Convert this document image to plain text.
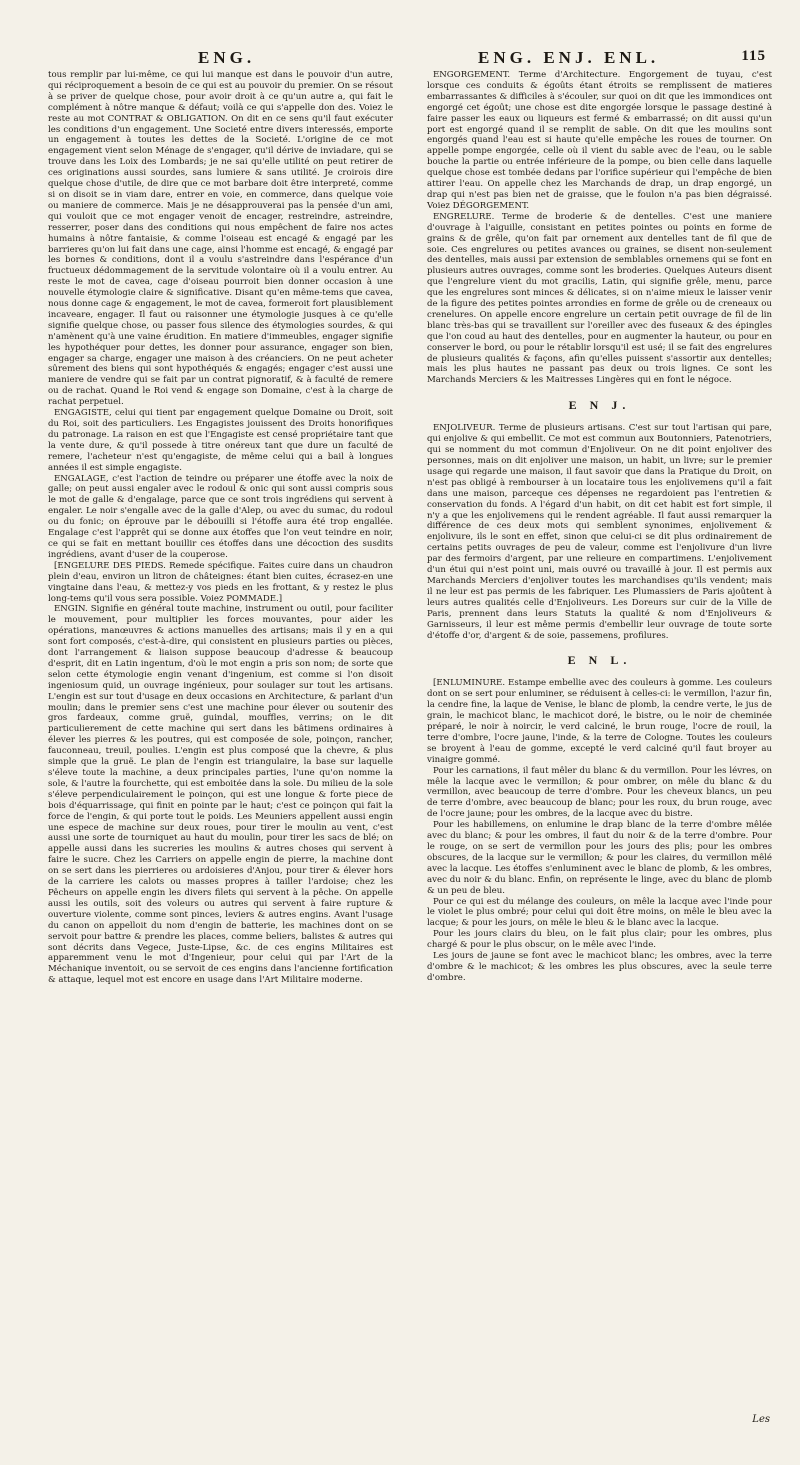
ENG.	ENG. ENJ. ENL.	115

tous remplir par lui-même, ce qui lui manque est dans le pouvoir d'un autre, qui réciproquement a besoin de ce qui est au pouvoir du premier. On se résout à se priver de quelque chose, pour avoir droit à ce qu'un autre a, qui fait le complément à nôtre manque & défaut; voilà ce qui s'appelle don des. Voiez le reste au mot CONTRAT & OBLIGATION. On dit en ce sens qu'il faut exécuter les conditions d'un engagement. Une Societé entre divers interessés, emporte un engagement à toutes les dettes de la Societé. L'origine de ce mot engagement vient selon Ménage de s'engager, qu'il dérive de inviadare, qui se trouve dans les Loix des Lombards; je ne sai qu'elle utilité on peut retirer de ces originations aussi sourdes, sans lumiere & sans utilité. Je croirois dire quelque chose d'utile, de dire que ce mot barbare doit être interpreté, comme si on disoit se in viam dare, entrer en voie, en commerce, dans quelque voie ou maniere de commerce. Mais je ne désapprouverai pas la pensée d'un ami, qui vouloit que ce mot engager venoit de encager, restreindre, astreindre, resserrer, poser dans des conditions qui nous empêchent de faire nos actes humains à nôtre fantaisie, & comme l'oiseau est encagé & engagé par les barrieres qu'on lui fait dans une cage, ainsi l'homme est encagé, & engagé par les bornes & conditions, dont il a voulu s'astreindre dans l'espérance d'un fructueux dédommagement de la servitude volontaire où il a voulu entrer. Au reste le mot de cavea, cage d'oiseau pourroit bien donner occasion à une nouvelle étymologie claire & significative. Disant qu'en même-tems que cavea, nous donne cage & engagement, le mot de cavea, formeroit fort plausiblement incaveare, engager. Il faut ou raisonner une étymologie jusques à ce qu'elle signifie quelque chose, ou passer fous silence des étymologies sourdes, & qui n'amènent qu'à une vaine érudition. En matiere d'immeubles, engager signifie les hypothéquer pour dettes, les donner pour assurance, engager son bien, engager sa charge, engager une maison à des créanciers. On ne peut acheter sûrement des biens qui sont hypothéqués & engagés; engager c'est aussi une maniere de vendre qui se fait par un contrat pignoratif, & à faculté de remere ou de rachat. Quand le Roi vend & engage son Domaine, c'est à la charge de rachat perpetuel.

ENGAGISTE, celui qui tient par engagement quelque Domaine ou Droit, soit du Roi, soit des particuliers. Les Engagistes jouissent des Droits honorifiques du patronage. La raison en est que l'Engagiste est censé propriétaire tant que la vente dure, & qu'il possede à titre onéreux tant que dure un faculté de remere, l'acheteur n'est qu'engagiste, de même celui qui a bail à longues années il est simple engagiste.

ENGALAGE, c'est l'action de teindre ou préparer une étoffe avec la noix de galle; on peut aussi engaler avec le rodoul & onic qui sont aussi compris sous le mot de galle & d'engalage, parce que ce sont trois ingrédiens qui servent à engaler. Le noir s'engalle avec de la galle d'Alep, ou avec du sumac, du rodoul ou du fonic; on éprouve par le débouilli si l'étoffe aura été trop engallée. Engalage c'est l'apprêt qui se donne aux étoffes que l'on veut teindre en noir, ce qui se fait en mettant bouillir ces étoffes dans une décoction des susdits ingrédiens, avant d'user de la couperose.

[ENGELURE DES PIEDS. Remede spécifique. Faites cuire dans un chaudron plein d'eau, environ un litron de châteignes: étant bien cuites, écrasez-en une vingtaine dans l'eau, & mettez-y vos pieds en les frottant, & y restez le plus long-tems qu'il vous sera possible. Voiez POMMADE.]

ENGIN. Signifie en général toute machine, instrument ou outil, pour faciliter le mouvement, pour multiplier les forces mouvantes, pour aider les opérations, manœuvres & actions manuelles des artisans; mais il y en a qui sont fort composés, c'est-à-dire, qui consistent en plusieurs parties ou pièces, dont l'arrangement & liaison suppose beaucoup d'adresse & beaucoup d'esprit, dit en Latin ingentum, d'où le mot engin a pris son nom; de sorte que selon cette étymologie engin venant d'ingenium, est comme si l'on disoit ingeniosum quid, un ouvrage ingénieux, pour soulager sur tout les artisans. L'engin est sur tout d'usage en deux occasions en Architecture, & parlant d'un moulin; dans le premier sens c'est une machine pour élever ou soutenir des gros fardeaux, comme gruë, guindal, mouffles, verrins; on le dit particulierement de cette machine qui sert dans les bâtimens ordinaires à élever les pierres & les poutres, qui est composée de sole, poinçon, rancher, fauconneau, treuil, poulies. L'engin est plus composé que la chevre, & plus simple que la gruë. Le plan de l'engin est triangulaire, la base sur laquelle s'éleve toute la machine, a deux principales parties, l'une qu'on nomme la sole, & l'autre la fourchette, qui est emboitée dans la sole. Du milieu de la sole s'éleve perpendiculairement le poinçon, qui est une longue & forte piece de bois d'équarrissage, qui finit en pointe par le haut; c'est ce poinçon qui fait la force de l'engin, & qui porte tout le poids. Les Meuniers appellent aussi engin une espece de machine sur deux roues, pour tirer le moulin au vent, c'est aussi une sorte de tourniquet au haut du moulin, pour tirer les sacs de blé; on appelle aussi dans les sucreries les moulins & autres choses qui servent à faire le sucre. Chez les Carriers on appelle engin de pierre, la machine dont on se sert dans les pierrieres ou ardoisieres d'Anjou, pour tirer & élever hors de la carriere les calots ou masses propres à tailler l'ardoise; chez les Pêcheurs on appelle engin les divers filets qui servent à la pêche. On appelle aussi les outils, soit des voleurs ou autres qui servent à faire rupture & ouverture violente, comme sont pinces, leviers & autres engins. Avant l'usage du canon on appelloit du nom d'engin de batterie, les machines dont on se servoit pour battre & prendre les places, comme beliers, balistes & autres qui sont décrits dans Vegece, Juste-Lipse, &c. de ces engins Militaires est apparemment venu le mot d'Ingenieur, pour celui qui par l'Art de la Méchanique inventoit, ou se servoit de ces engins dans l'ancienne fortification & attaque, lequel mot est encore en usage dans l'Art Militaire moderne.

ENGORGEMENT. Terme d'Architecture. Engorgement de tuyau, c'est lorsque ces conduits & égoûts étant étroits se remplissent de matieres embarrassantes & difficiles à s'écouler, sur quoi on dit que les immondices ont engorgé cet égoût; une chose est dite engorgée lorsque le passage destiné à faire passer les eaux ou liqueurs est fermé & embarrassé; on dit aussi qu'un port est engorgé quand il se remplit de sable. On dit que les moulins sont engorgés quand l'eau est si haute qu'elle empêche les roues de tourner. On appelle pompe engorgée, celle où il vient du sable avec de l'eau, ou le sable bouche la partie ou entrée inférieure de la pompe, ou bien celle dans laquelle quelque chose est tombée dedans par l'orifice supérieur qui l'empêche de bien attirer l'eau. On appelle chez les Marchands de drap, un drap engorgé, un drap qui n'est pas bien net de graisse, que le foulon n'a pas bien dégraissé. Voiez DÉGORGEMENT.

ENGRELURE. Terme de broderie & de dentelles. C'est une maniere d'ouvrage à l'aiguille, consistant en petites pointes ou points en forme de grains & de grêle, qu'on fait par ornement aux dentelles tant de fil que de soie. Ces engrelures ou petites avances ou graines, se disent non-seulement des dentelles, mais aussi par extension de semblables ornemens qui se font en plusieurs autres ouvrages, comme sont les broderies. Quelques Auteurs disent que l'engrelure vient du mot gracilis, Latin, qui signifie grêle, menu, parce que les engrelures sont minces & délicates, si on n'aime mieux le laisser venir de la figure des petites pointes arrondies en forme de grêle ou de creneaux ou crenelures. On appelle encore engrelure un certain petit ouvrage de fil de lin blanc très-bas qui se travaillent sur l'oreiller avec des fuseaux & des épingles que l'on coud au haut des dentelles, pour en augmenter la hauteur, ou pour en conserver le bord, ou pour le rétablir lorsqu'il est usé; il se fait des engrelures de plusieurs qualités & façons, afin qu'elles puissent s'assortir aux dentelles; mais les plus hautes ne passant pas deux ou trois lignes. Ce sont les Marchands Merciers & les Maitresses Lingères qui en font le négoce.

E N J.

ENJOLIVEUR. Terme de plusieurs artisans. C'est sur tout l'artisan qui pare, qui enjolive & qui embellit. Ce mot est commun aux Boutonniers, Patenotriers, qui se nomment du mot commun d'Enjoliveur. On ne dit point enjoliver des personnes, mais on dit enjoliver une maison, un habit, un livre; sur le premier usage qui regarde une maison, il faut savoir que dans la Pratique du Droit, on n'est pas obligé à rembourser à un locataire tous les enjolivemens qu'il a fait dans une maison, parceque ces dépenses ne regardoient pas l'entretien & conservation du fonds. A l'égard d'un habit, on dit cet habit est fort simple, il n'y a que les enjolivemens qui le rendent agréable. Il faut aussi remarquer la différence de ces deux mots qui semblent synonimes, enjolivement & enjolivure, ils le sont en effet, sinon que celui-ci se dit plus ordinairement de certains petits ouvrages de peu de valeur, comme est l'enjolivure d'un livre par des fermoirs d'argent, par une relieure en compartimens. L'enjolivement d'un étui qui n'est point uni, mais ouvré ou travaillé à jour. Il est permis aux Marchands Merciers d'enjoliver toutes les marchandises qu'ils vendent; mais il ne leur est pas permis de les fabriquer. Les Plumassiers de Paris ajoûtent à leurs autres qualités celle d'Enjoliveurs. Les Doreurs sur cuir de la Ville de Paris, prennent dans leurs Statuts la qualité & nom d'Enjoliveurs & Garnisseurs, il leur est même permis d'embellir leur ouvrage de toute sorte d'étoffe d'or, d'argent & de soie, passemens, profilures.

E N L.

[ENLUMINURE. Estampe embellie avec des couleurs à gomme. Les couleurs dont on se sert pour enluminer, se réduisent à celles-ci: le vermillon, l'azur fin, la cendre fine, la laque de Venise, le blanc de plomb, la cendre verte, le jus de grain, le machicot blanc, le machicot doré, le bistre, ou le noir de cheminée préparé, le noir à noircir, le verd calciné, le brun rouge, l'ocre de rouil, la terre d'ombre, l'ocre jaune, l'inde, & la terre de Cologne. Toutes les couleurs se broyent à l'eau de gomme, excepté le verd calciné qu'il faut broyer au vinaigre gommé.

Pour les carnations, il faut mêler du blanc & du vermillon. Pour les lévres, on mêle la lacque avec le vermillon; & pour ombrer, on mêle du blanc & du vermillon, avec beaucoup de terre d'ombre. Pour les cheveux blancs, un peu de terre d'ombre, avec beaucoup de blanc; pour les roux, du brun rouge, avec de l'ocre jaune; pour les ombres, de la lacque avec du bistre.

Pour les habillemens, on enlumine le drap blanc de la terre d'ombre mêlée avec du blanc; & pour les ombres, il faut du noir & de la terre d'ombre. Pour le rouge, on se sert de vermillon pour les jours des plis; pour les ombres obscures, de la lacque sur le vermillon; & pour les claires, du vermillon mêlé avec la lacque. Les étoffes s'enluminent avec le blanc de plomb, & les ombres, avec du noir & du blanc. Enfin, on représente le linge, avec du blanc de plomb & un peu de bleu.

Pour ce qui est du mélange des couleurs, on mêle la lacque avec l'inde pour le violet le plus ombré; pour celui qui doit être moins, on mêle le bleu avec la lacque; & pour les jours, on mêle le bleu & le blanc avec la lacque.

Pour les jours clairs du bleu, on le fait plus clair; pour les ombres, plus chargé & pour le plus obscur, on le mêle avec l'inde.

Les jours de jaune se font avec le machicot blanc; les ombres, avec la terre d'ombre & le machicot; & les ombres les plus obscures, avec la seule terre d'ombre.

Les
